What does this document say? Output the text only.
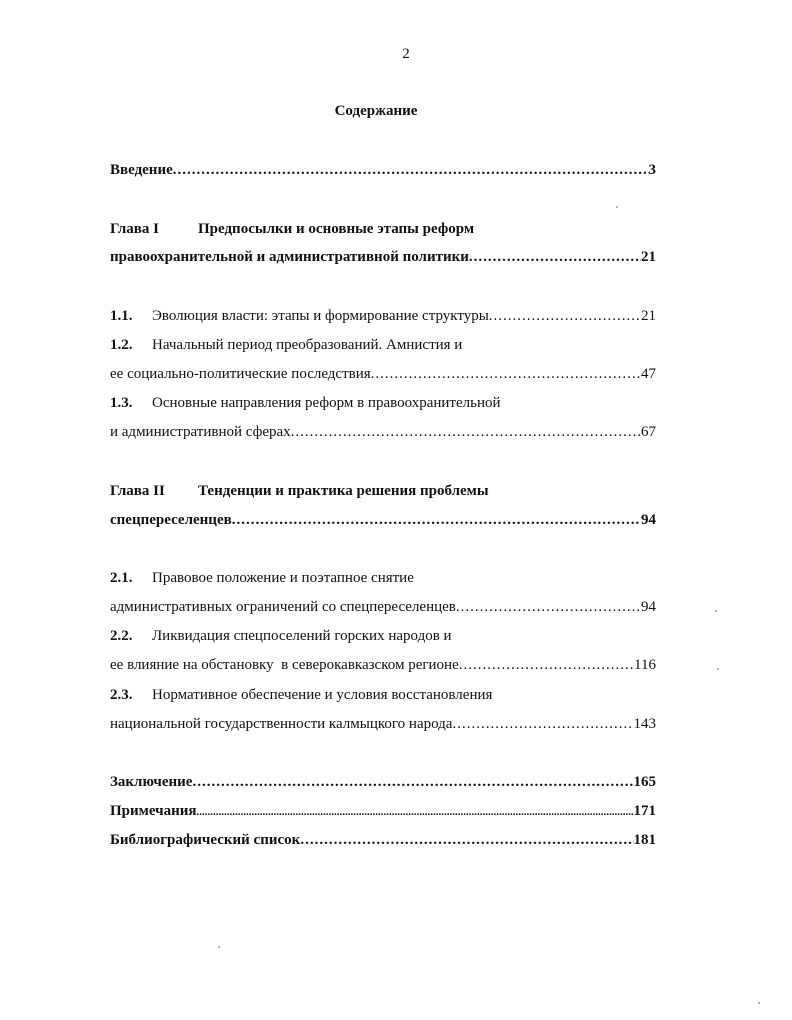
2
Содержание
Введение .....	3
Глава I	Предпосылки и основные этапы реформ
правоохранительной и административной политики .....	21
1.1. Эволюция власти: этапы и формирование структуры .....	21
1.2. Начальный период преобразований. Амнистия и
ее социально-политические последствия .....	47
1.3. Основные направления реформ в правоохранительной
и административной сферах .....	67
Глава II Тенденции и практика решения проблемы
спецпереселенцев .....	94
2.1. Правовое положение и поэтапное снятие
административных ограничений со спецпереселенцев .....	94
2.2. Ликвидация спецпоселений горских народов и
ее влияние на обстановку  в северокавказском регионе .....	116
2.3. Нормативное обеспечение и условия восстановления
национальной государственности калмыцкого народа .....	143
Заключение .....	165
Примечания .....	171
Библиографический список .....	181
